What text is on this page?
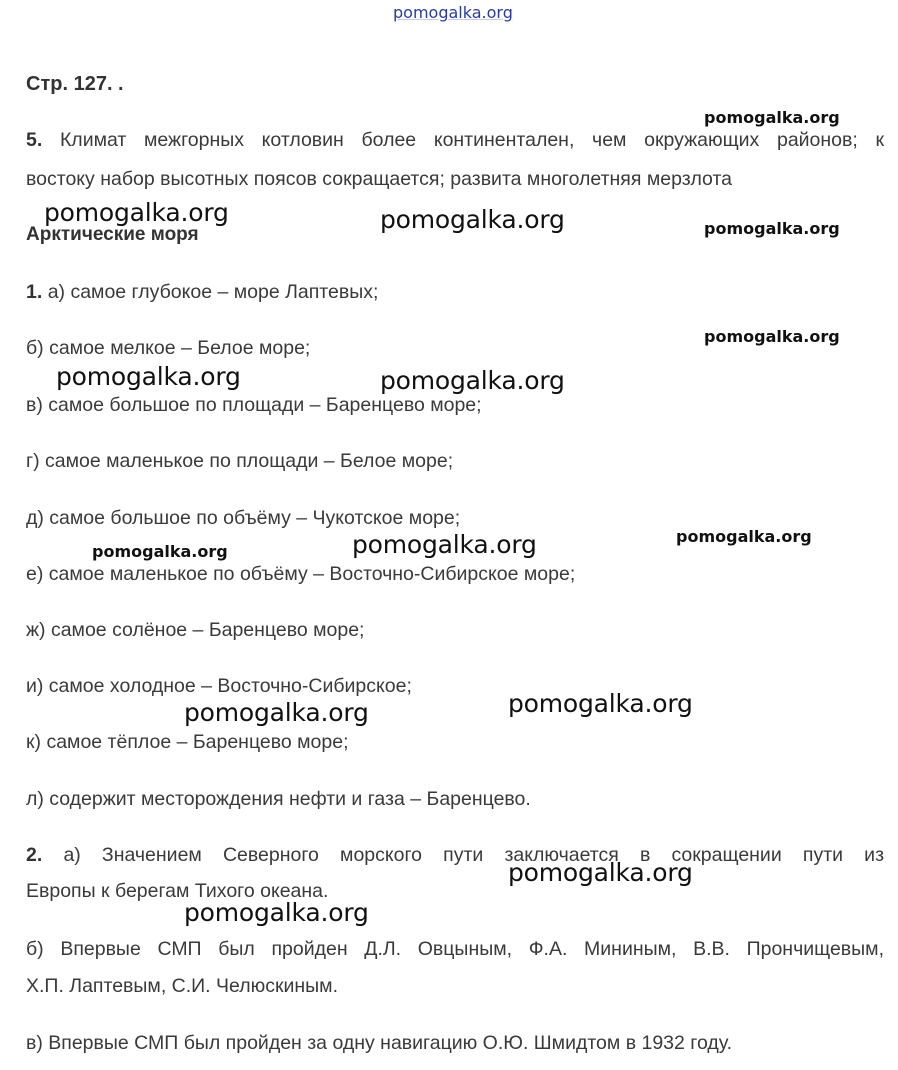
pomogalka.org
Стр. 127. .
5. Климат межгорных котловин более континентален, чем окружающих районов; к
востоку набор высотных поясов сокращается; развита многолетняя мерзлота
Арктические моря
1. а) самое глубокое – море Лаптевых;
б) самое мелкое – Белое море;
в) самое большое по площади – Баренцево море;
г) самое маленькое по площади – Белое море;
д) самое большое по объёму – Чукотское море;
е) самое маленькое по объёму – Восточно-Сибирское море;
ж) самое солёное – Баренцево море;
и) самое холодное – Восточно-Сибирское;
к) самое тёплое – Баренцево море;
л) содержит месторождения нефти и газа – Баренцево.
2. а) Значением Северного морского пути заключается в сокращении пути из
Европы к берегам Тихого океана.
б) Впервые СМП был пройден Д.Л. Овцыным, Ф.А. Мининым, В.В. Прончищевым,
Х.П. Лаптевым, С.И. Челюскиным.
в) Впервые СМП был пройден за одну навигацию О.Ю. Шмидтом в 1932 году.
pomogalka.org
pomogalka.org	pomogalka.org	pomogalka.org
pomogalka.org
pomogalka.org	pomogalka.org
pomogalka.org
pomogalka.org
pomogalka.org
pomogalka.org
pomogalka.org
pomogalka.org
pomogalka.org
